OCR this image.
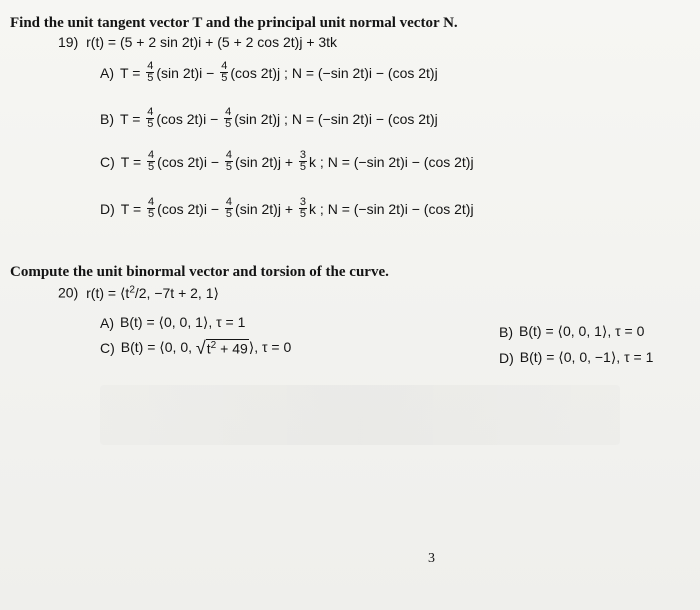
Find the unit tangent vector T and the principal unit normal vector N.
19) r(t) = (5 + 2 sin 2t)i + (5 + 2 cos 2t)j + 3tk
A) $T = \frac{4}{5} (\sin$ $2t)i - \frac{4}{5} (\cos$ 2t)j ; N = (−sin 2t)i − (cos 2t)j
B) $T = \frac{4}{5} (\cos$ $2t)i - \frac{4}{5} (\sin$ 2t)j ; N = (−sin 2t)i − (cos 2t)j
C) $T = \frac{4}{5} (\cos$ $2t)i - \frac{4}{5} (\sin$ $2t)j + \frac{3}{5}$ k ; N = (−sin 2t)i − (cos 2t)j
D) $T = \frac{4}{5} (\cos$ $2t)i - \frac{4}{5} (\sin$ $2t)j + \frac{3}{5}$ k ; N = (−sin 2t)i − (cos 2t)j
Compute the unit binormal vector and torsion of the curve.
20) $r(t) = ⟨t^2/2$, −7t + 2, 1⟩
A) B(t) = ⟨0, 0, 1⟩, τ = 1
B) B(t) = ⟨0, 0, 1⟩, τ = 0
C) B(t) = ⟨0, 0, √ $t^2 + 49$ ⟩, τ = 0
D) B(t) = ⟨0, 0, −1⟩, τ = 1
3
